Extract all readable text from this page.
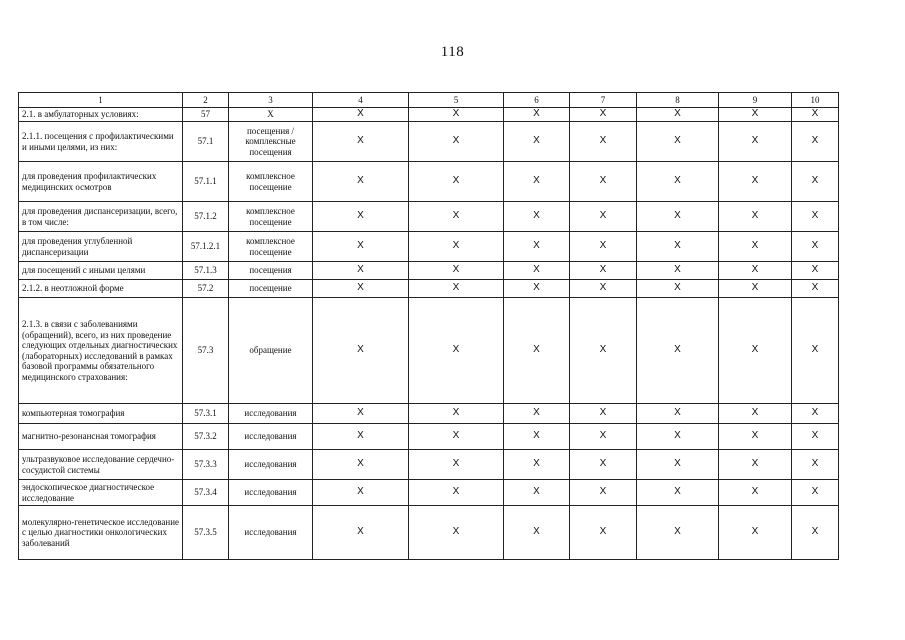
118
1	2	3	4	5	6	7	8	9	10
2.1. в амбулаторных условиях:	57	X	X	X	X	X	X	X	X
2.1.1. посещения с профилактическими и иными целями, из них:	57.1	посещения / комплексные посещения	X	X	X	X	X	X	X
для проведения профилактических медицинских осмотров	57.1.1	комплексное посещение	X	X	X	X	X	X	X
для проведения диспансеризации, всего, в том числе:	57.1.2	комплексное посещение	X	X	X	X	X	X	X
для проведения углубленной диспансеризации	57.1.2.1	комплексное посещение	X	X	X	X	X	X	X
для посещений с иными целями	57.1.3	посещения	X	X	X	X	X	X	X
2.1.2. в неотложной форме	57.2	посещение	X	X	X	X	X	X	X
2.1.3. в связи с заболеваниями (обращений), всего, из них проведение следующих отдельных диагностических (лабораторных) исследований в рамках базовой программы обязательного медицинского страхования:	57.3	обращение	X	X	X	X	X	X	X
компьютерная томография	57.3.1	исследования	X	X	X	X	X	X	X
магнитно-резонансная томография	57.3.2	исследования	X	X	X	X	X	X	X
ультразвуковое исследование сердечно-сосудистой системы	57.3.3	исследования	X	X	X	X	X	X	X
эндоскопическое диагностическое исследование	57.3.4	исследования	X	X	X	X	X	X	X
молекулярно-генетическое исследование с целью диагностики онкологических заболеваний	57.3.5	исследования	X	X	X	X	X	X	X
